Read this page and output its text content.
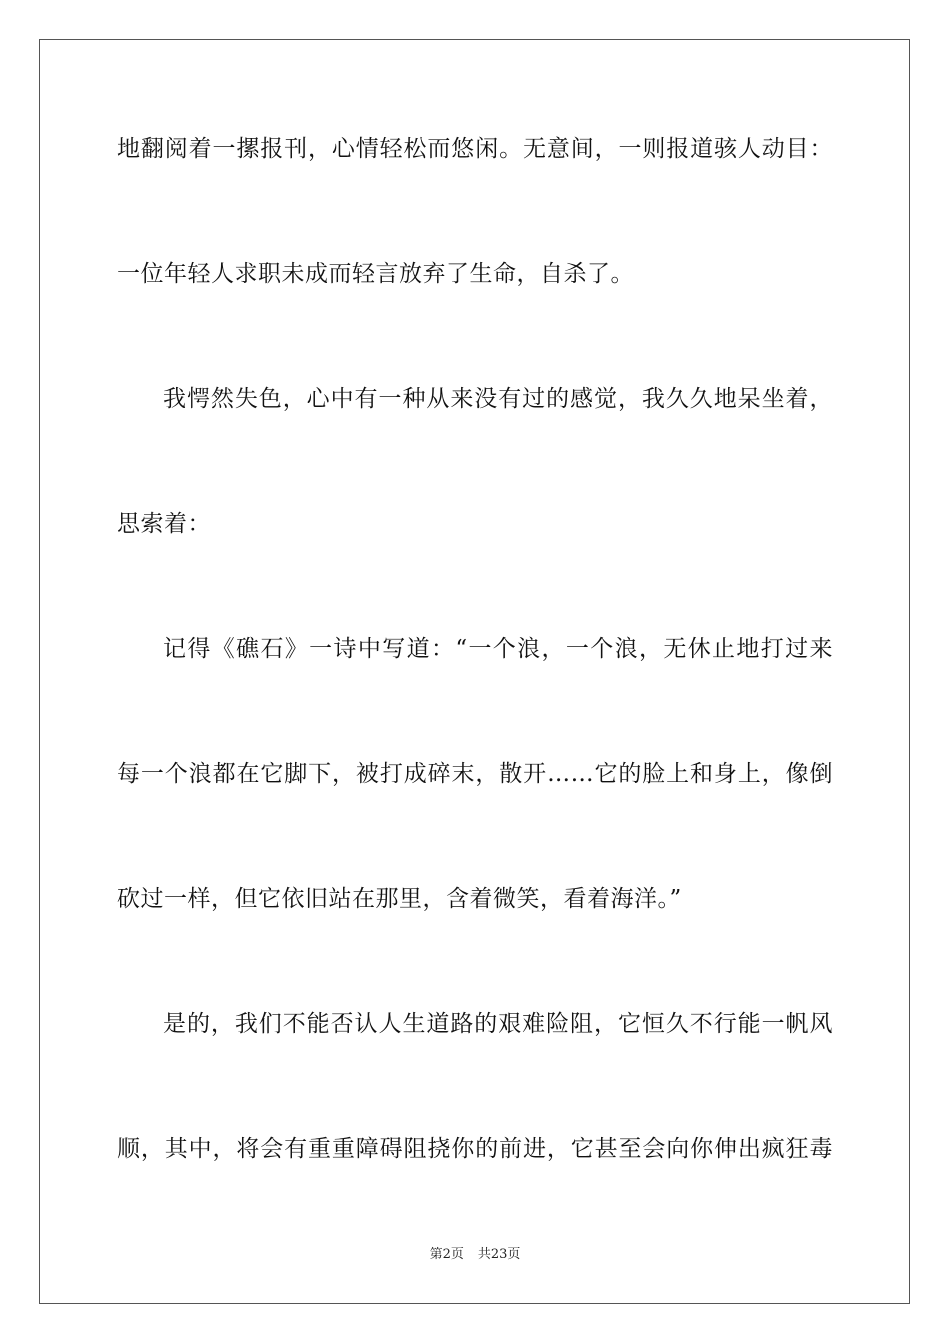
地翻阅着一摞报刊，心情轻松而悠闲。无意间，一则报道骇人动目：
一位年轻人求职未成而轻言放弃了生命，自杀了。
我愕然失色，心中有一种从来没有过的感觉，我久久地呆坐着，
思索着：
记得《礁石》一诗中写道：“一个浪，一个浪，无休止地打过来
每一个浪都在它脚下，被打成碎末，散开……它的脸上和身上，像倒
砍过一样，但它依旧站在那里，含着微笑，看着海洋。”
是的，我们不能否认人生道路的艰难险阻，它恒久不行能一帆风
顺，其中，将会有重重障碍阻挠你的前进，它甚至会向你伸出疯狂毒
第2页 共23页
